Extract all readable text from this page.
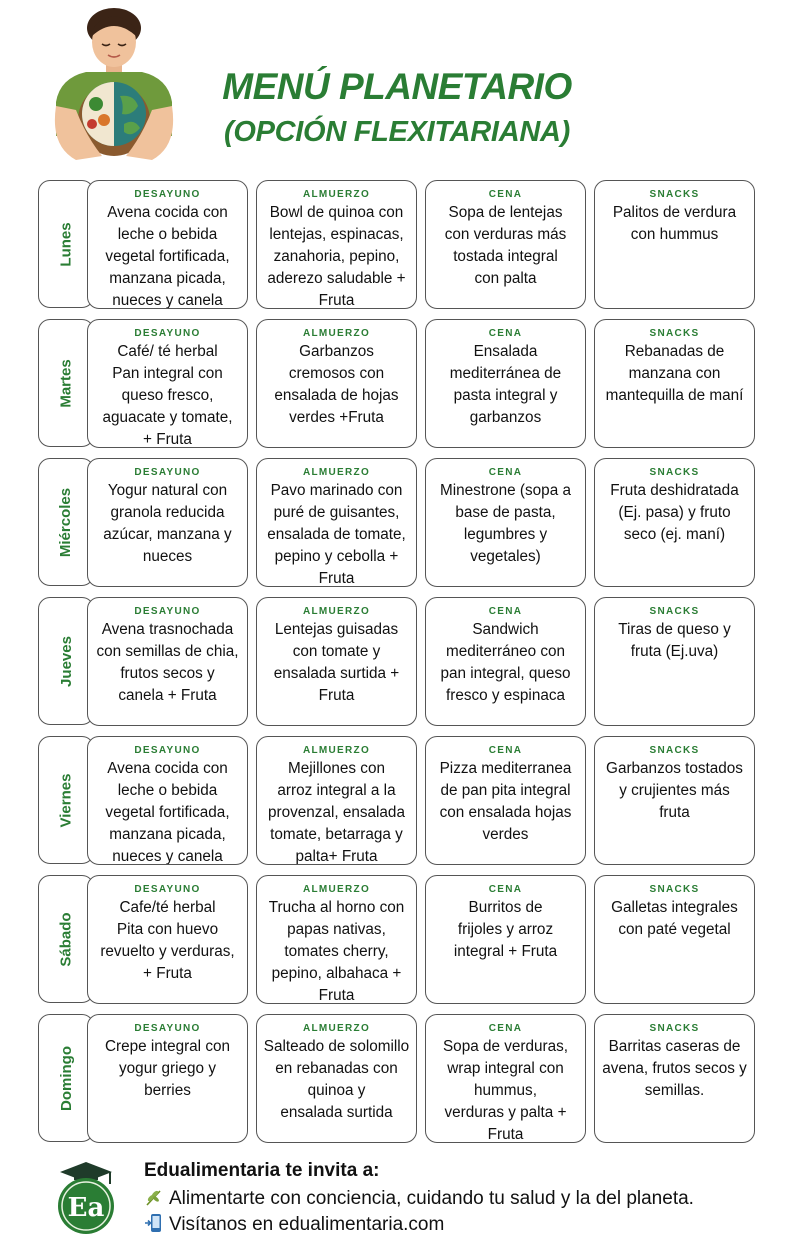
MENÚ PLANETARIO
(OPCIÓN FLEXITARIANA)
Lunes
DESAYUNO
Avena cocida con
leche o bebida
vegetal fortificada,
manzana picada,
nueces y canela
ALMUERZO
Bowl de quinoa con
lentejas, espinacas,
zanahoria, pepino,
aderezo saludable +
Fruta
CENA
Sopa de lentejas
con verduras más
tostada integral
con palta
SNACKS
Palitos de verdura
con hummus
Martes
DESAYUNO
Café/ té herbal
Pan integral con
queso fresco,
aguacate y tomate,
+ Fruta
ALMUERZO
Garbanzos
cremosos con
ensalada de hojas
verdes +Fruta
CENA
Ensalada
mediterránea de
pasta integral y
garbanzos
SNACKS
Rebanadas de
manzana con
mantequilla de maní
Miércoles
DESAYUNO
Yogur natural con
granola reducida
azúcar, manzana y
nueces
ALMUERZO
Pavo marinado con
puré de guisantes,
ensalada de tomate,
pepino y cebolla +
Fruta
CENA
Minestrone (sopa a
base de pasta,
legumbres y
vegetales)
SNACKS
Fruta deshidratada
(Ej. pasa) y fruto
seco (ej. maní)
Jueves
DESAYUNO
Avena trasnochada
con semillas de chia,
frutos secos y
canela + Fruta
ALMUERZO
Lentejas guisadas
con tomate y
ensalada surtida +
Fruta
CENA
Sandwich
mediterráneo con
pan integral, queso
fresco y espinaca
SNACKS
Tiras de queso y
fruta (Ej.uva)
Viernes
DESAYUNO
Avena cocida con
leche o bebida
vegetal fortificada,
manzana picada,
nueces y canela
ALMUERZO
Mejillones con
arroz integral a la
provenzal, ensalada
tomate, betarraga y
palta+ Fruta
CENA
Pizza mediterranea
de pan pita integral
con ensalada hojas
verdes
SNACKS
Garbanzos tostados
y crujientes más
fruta
Sábado
DESAYUNO
Cafe/té herbal
Pita con huevo
revuelto y verduras,
+ Fruta
ALMUERZO
Trucha al horno con
papas nativas,
tomates cherry,
pepino, albahaca +
Fruta
CENA
Burritos de
frijoles y arroz
integral + Fruta
SNACKS
Galletas integrales
con paté vegetal
Domingo
DESAYUNO
Crepe integral con
yogur griego y
berries
ALMUERZO
Salteado de solomillo
en rebanadas con
quinoa y
ensalada surtida
CENA
Sopa de verduras,
wrap integral con
hummus,
verduras y palta +
Fruta
SNACKS
Barritas caseras de
avena, frutos secos y
semillas.
Ea
Edualimentaria te invita a:
Alimentarte con conciencia, cuidando tu salud y la del planeta.
Visítanos en edualimentaria.com
